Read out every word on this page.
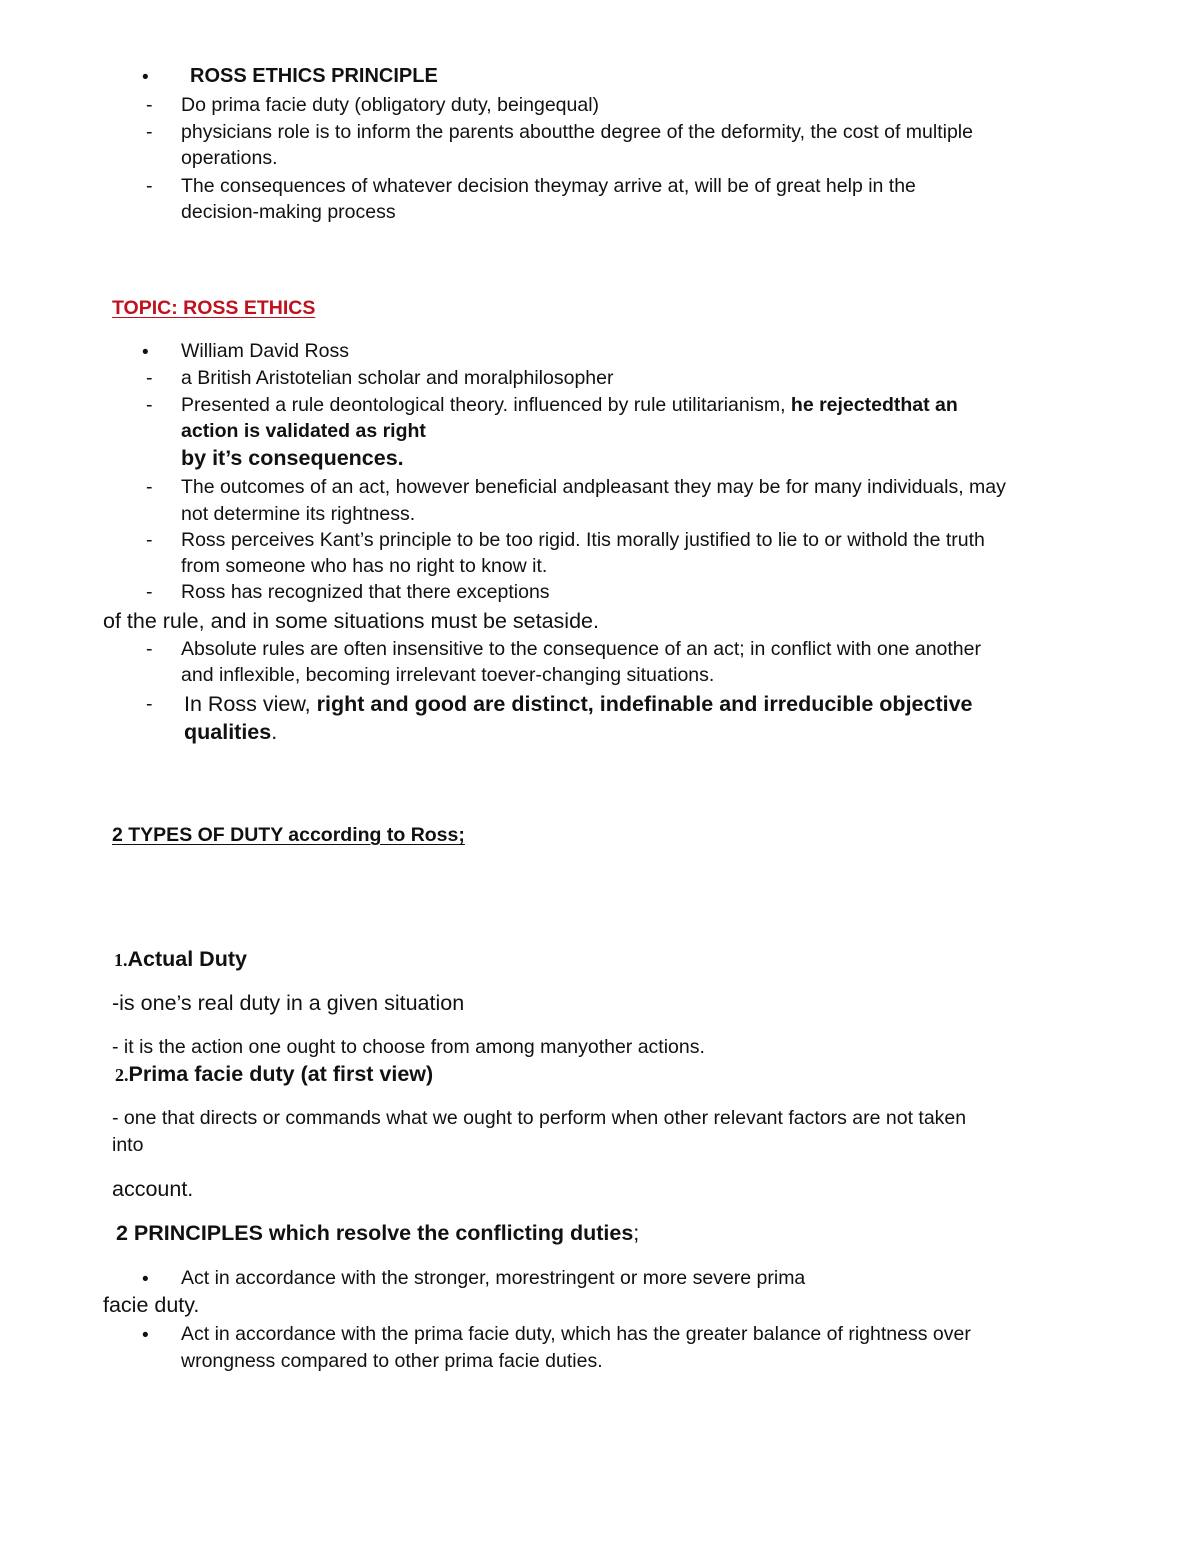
• ROSS ETHICS PRINCIPLE
- Do prima facie duty (obligatory duty, beingequal)
- physicians role is to inform the parents aboutthe degree of the deformity, the cost of multiple
operations.
- The consequences of whatever decision theymay arrive at, will be of great help in the
decision-making process
TOPIC: ROSS ETHICS
• William David Ross
- a British Aristotelian scholar and moralphilosopher
- Presented a rule deontological theory. influenced by rule utilitarianism, he rejectedthat an
action is validated as right
by it’s consequences.
- The outcomes of an act, however beneficial andpleasant they may be for many individuals, may
not determine its rightness.
- Ross perceives Kant’s principle to be too rigid. Itis morally justified to lie to or withold the truth
from someone who has no right to know it.
- Ross has recognized that there exceptions
of the rule, and in some situations must be setaside.
- Absolute rules are often insensitive to the consequence of an act; in conflict with one another
and inflexible, becoming irrelevant toever-changing situations.
- In Ross view, right and good are distinct, indefinable and irreducible objective
qualities.
2 TYPES OF DUTY according to Ross;
1.Actual Duty
-is one’s real duty in a given situation
- it is the action one ought to choose from among manyother actions.
2.Prima facie duty (at first view)
- one that directs or commands what we ought to perform when other relevant factors are not taken
into
account.
2 PRINCIPLES which resolve the conflicting duties;
• Act in accordance with the stronger, morestringent or more severe prima
facie duty.
• Act in accordance with the prima facie duty, which has the greater balance of rightness over
wrongness compared to other prima facie duties.
